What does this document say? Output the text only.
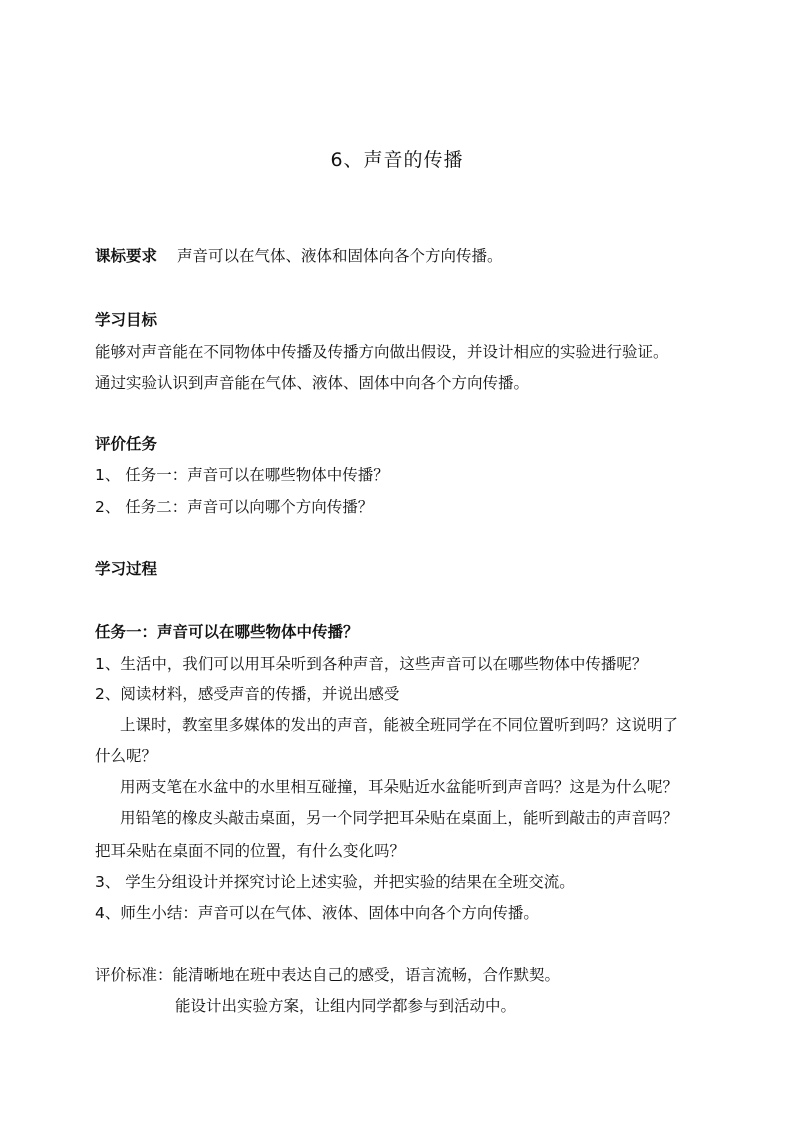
6、声音的传播
课标要求 声音可以在气体、液体和固体向各个方向传播。
学习目标
能够对声音能在不同物体中传播及传播方向做出假设，并设计相应的实验进行验证。
通过实验认识到声音能在气体、液体、固体中向各个方向传播。
评价任务
1、 任务一：声音可以在哪些物体中传播？
2、 任务二：声音可以向哪个方向传播？
学习过程
任务一：声音可以在哪些物体中传播？
1、生活中，我们可以用耳朵听到各种声音，这些声音可以在哪些物体中传播呢？
2、阅读材料，感受声音的传播，并说出感受
上课时，教室里多媒体的发出的声音，能被全班同学在不同位置听到吗？这说明了
什么呢？
用两支笔在水盆中的水里相互碰撞，耳朵贴近水盆能听到声音吗？这是为什么呢？
用铅笔的橡皮头敲击桌面，另一个同学把耳朵贴在桌面上，能听到敲击的声音吗？
把耳朵贴在桌面不同的位置，有什么变化吗？
3、 学生分组设计并探究讨论上述实验，并把实验的结果在全班交流。
4、师生小结：声音可以在气体、液体、固体中向各个方向传播。
评价标准：能清晰地在班中表达自己的感受，语言流畅，合作默契。
能设计出实验方案，让组内同学都参与到活动中。
